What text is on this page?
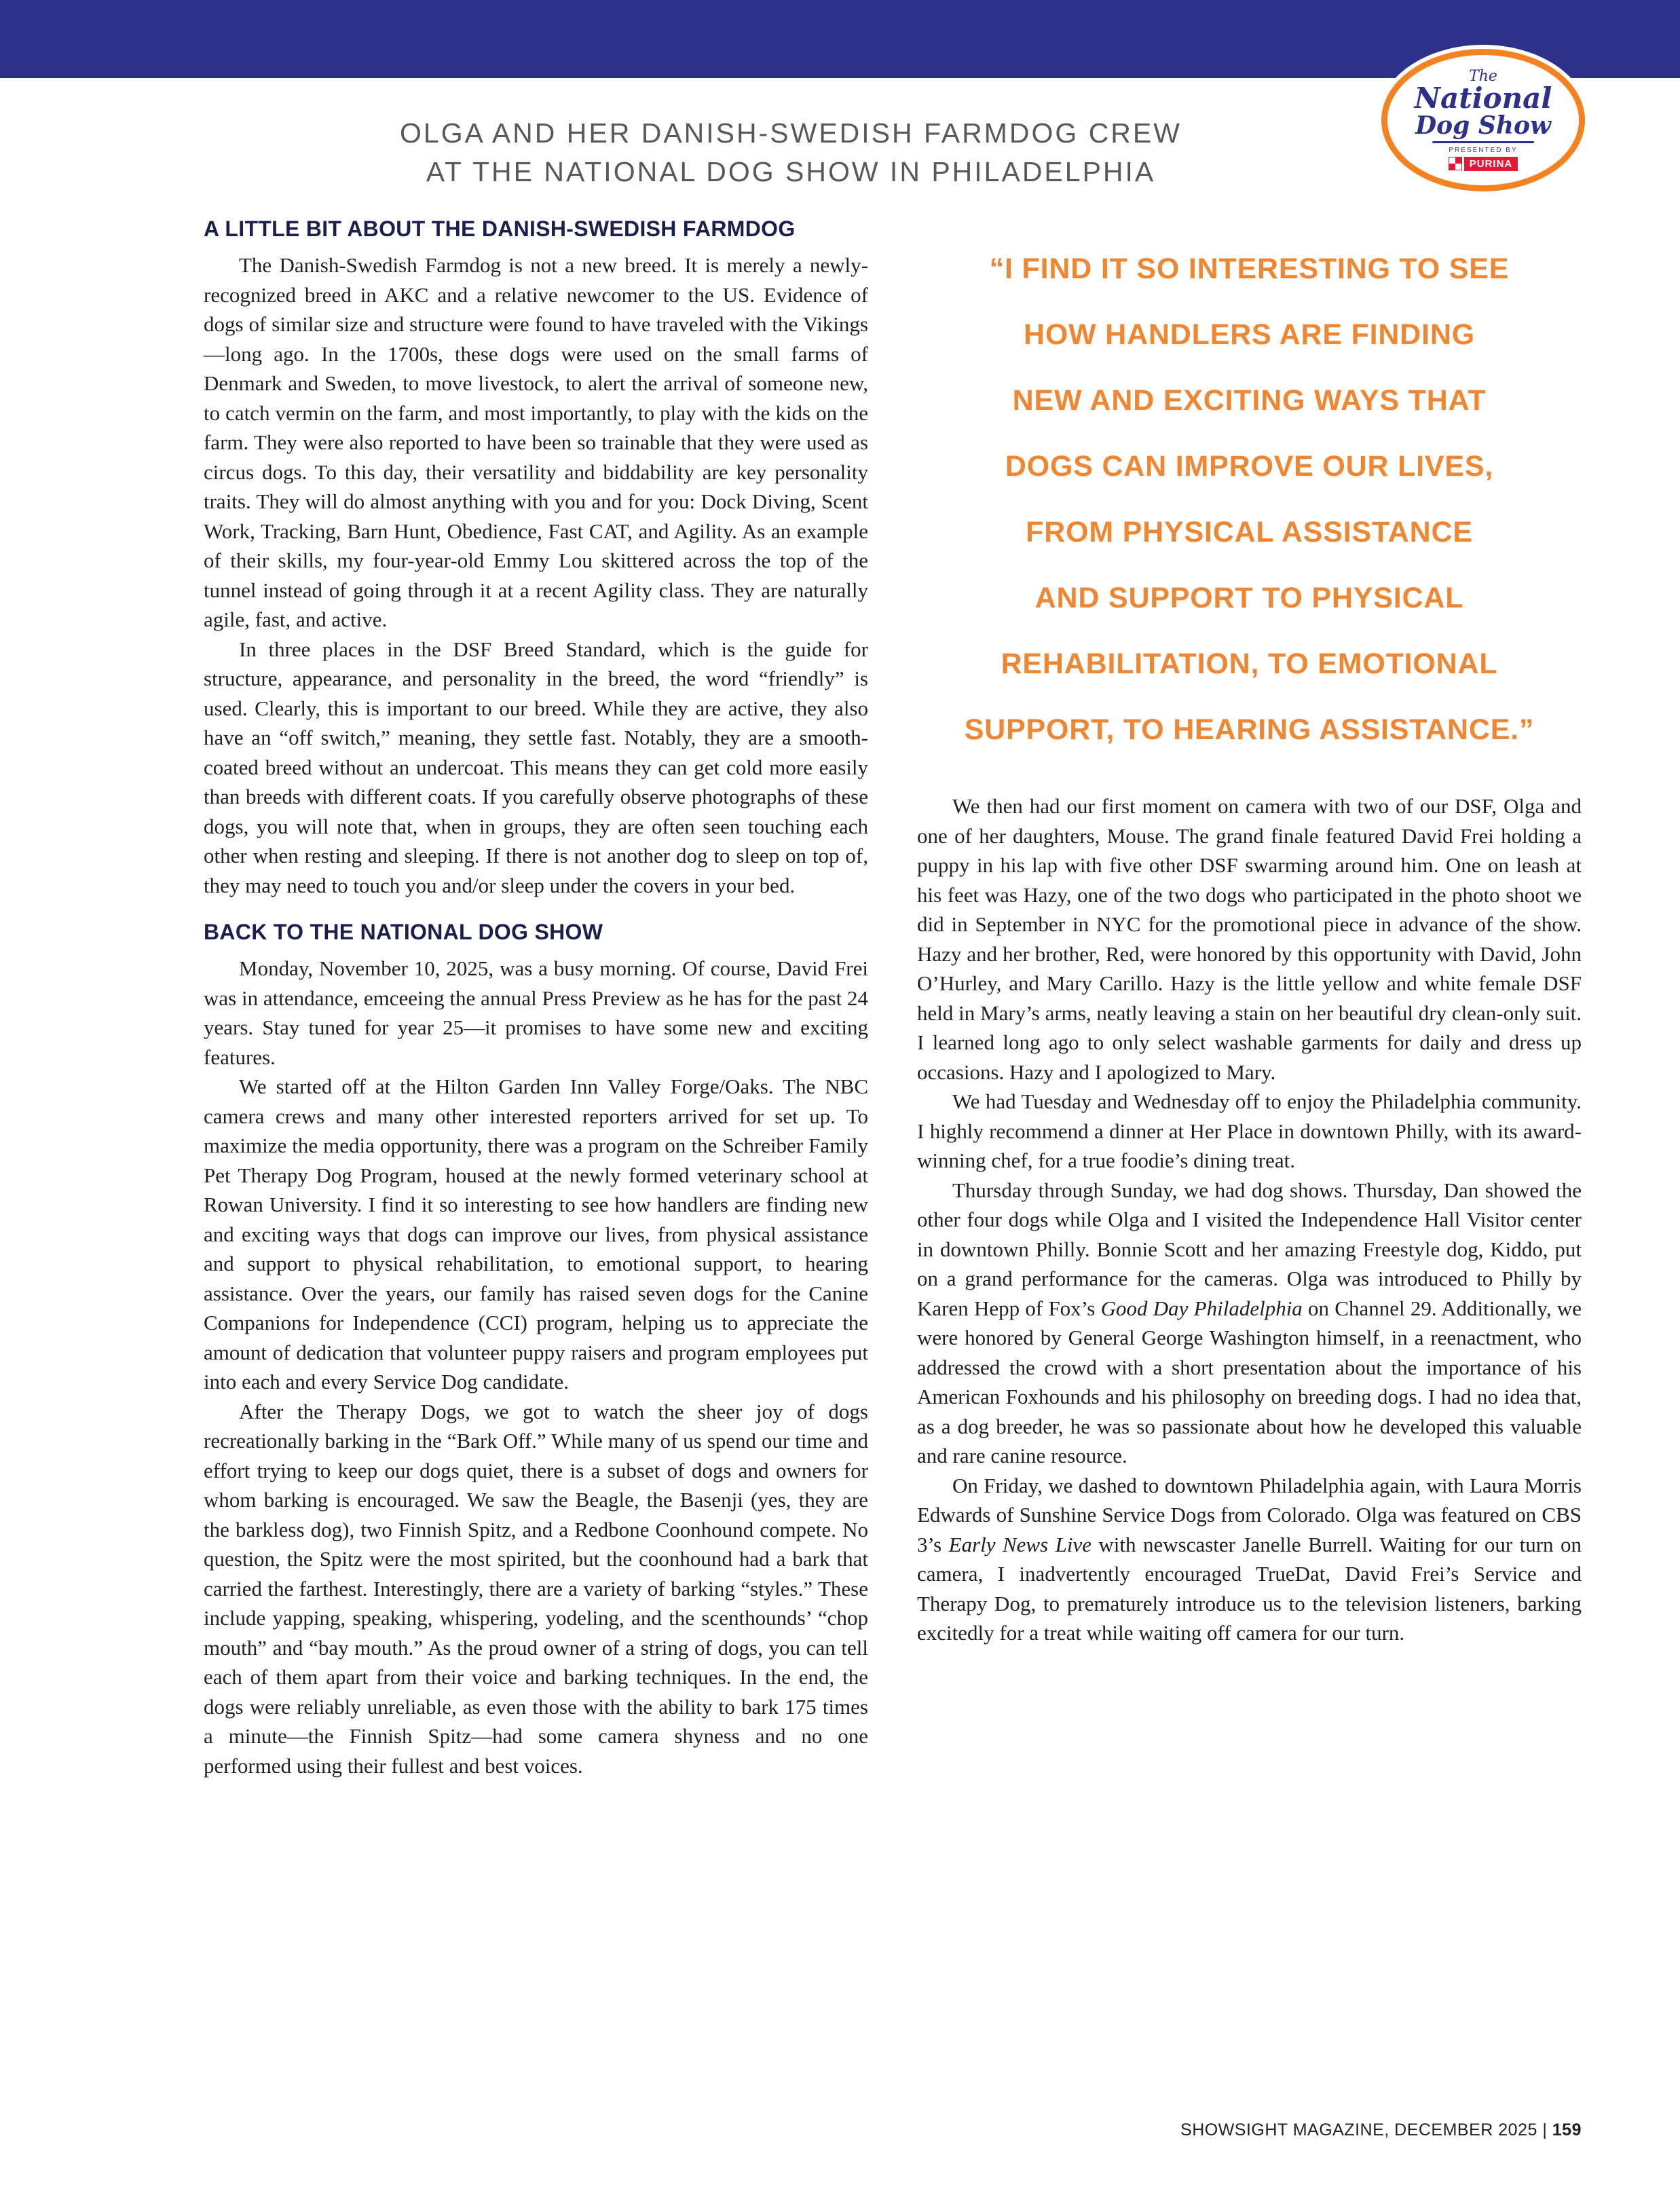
The
National
Dog Show
PRESENTED BY
PURINA
OLGA AND HER DANISH-SWEDISH FARMDOG CREW
AT THE NATIONAL DOG SHOW IN PHILADELPHIA
A LITTLE BIT ABOUT THE DANISH-SWEDISH FARMDOG

The Danish-Swedish Farmdog is not a new breed. It is merely a newly-recognized breed in AKC and a relative newcomer to the US. Evidence of dogs of similar size and structure were found to have traveled with the Vikings—long ago. In the 1700s, these dogs were used on the small farms of Denmark and Sweden, to move livestock, to alert the arrival of someone new, to catch vermin on the farm, and most importantly, to play with the kids on the farm. They were also reported to have been so trainable that they were used as circus dogs. To this day, their versatility and biddability are key personality traits. They will do almost anything with you and for you: Dock Diving, Scent Work, Tracking, Barn Hunt, Obedience, Fast CAT, and Agility. As an example of their skills, my four-year-old Emmy Lou skittered across the top of the tunnel instead of going through it at a recent Agility class. They are naturally agile, fast, and active.

In three places in the DSF Breed Standard, which is the guide for structure, appearance, and personality in the breed, the word “friendly” is used. Clearly, this is important to our breed. While they are active, they also have an “off switch,” meaning, they settle fast. Notably, they are a smooth-coated breed without an undercoat. This means they can get cold more easily than breeds with different coats. If you carefully observe photographs of these dogs, you will note that, when in groups, they are often seen touching each other when resting and sleeping. If there is not another dog to sleep on top of, they may need to touch you and/or sleep under the covers in your bed.

BACK TO THE NATIONAL DOG SHOW

Monday, November 10, 2025, was a busy morning. Of course, David Frei was in attendance, emceeing the annual Press Preview as he has for the past 24 years. Stay tuned for year 25—it promises to have some new and exciting features.

We started off at the Hilton Garden Inn Valley Forge/Oaks. The NBC camera crews and many other interested reporters arrived for set up. To maximize the media opportunity, there was a program on the Schreiber Family Pet Therapy Dog Program, housed at the newly formed veterinary school at Rowan University. I find it so interesting to see how handlers are finding new and exciting ways that dogs can improve our lives, from physical assistance and support to physical rehabilitation, to emotional support, to hearing assistance. Over the years, our family has raised seven dogs for the Canine Companions for Independence (CCI) program, helping us to appreciate the amount of dedication that volunteer puppy raisers and program employees put into each and every Service Dog candidate.

After the Therapy Dogs, we got to watch the sheer joy of dogs recreationally barking in the “Bark Off.” While many of us spend our time and effort trying to keep our dogs quiet, there is a subset of dogs and owners for whom barking is encouraged. We saw the Beagle, the Basenji (yes, they are the barkless dog), two Finnish Spitz, and a Redbone Coonhound compete. No question, the Spitz were the most spirited, but the coonhound had a bark that carried the farthest. Interestingly, there are a variety of barking “styles.” These include yapping, speaking, whispering, yodeling, and the scenthounds’ “chop mouth” and “bay mouth.” As the proud owner of a string of dogs, you can tell each of them apart from their voice and barking techniques. In the end, the dogs were reliably unreliable, as even those with the ability to bark 175 times a minute—the Finnish Spitz—had some camera shyness and no one performed using their fullest and best voices.

“I FIND IT SO INTERESTING TO SEE
HOW HANDLERS ARE FINDING
NEW AND EXCITING WAYS THAT
DOGS CAN IMPROVE OUR LIVES,
FROM PHYSICAL ASSISTANCE
AND SUPPORT TO PHYSICAL
REHABILITATION, TO EMOTIONAL
SUPPORT, TO HEARING ASSISTANCE.”

We then had our first moment on camera with two of our DSF, Olga and one of her daughters, Mouse. The grand finale featured David Frei holding a puppy in his lap with five other DSF swarming around him. One on leash at his feet was Hazy, one of the two dogs who participated in the photo shoot we did in September in NYC for the promotional piece in advance of the show. Hazy and her brother, Red, were honored by this opportunity with David, John O’Hurley, and Mary Carillo. Hazy is the little yellow and white female DSF held in Mary’s arms, neatly leaving a stain on her beautiful dry clean-only suit. I learned long ago to only select washable garments for daily and dress up occasions. Hazy and I apologized to Mary.

We had Tuesday and Wednesday off to enjoy the Philadelphia community. I highly recommend a dinner at Her Place in downtown Philly, with its award-winning chef, for a true foodie’s dining treat.

Thursday through Sunday, we had dog shows. Thursday, Dan showed the other four dogs while Olga and I visited the Independence Hall Visitor center in downtown Philly. Bonnie Scott and her amazing Freestyle dog, Kiddo, put on a grand performance for the cameras. Olga was introduced to Philly by Karen Hepp of Fox’s Good Day Philadelphia on Channel 29. Additionally, we were honored by General George Washington himself, in a reenactment, who addressed the crowd with a short presentation about the importance of his American Foxhounds and his philosophy on breeding dogs. I had no idea that, as a dog breeder, he was so passionate about how he developed this valuable and rare canine resource.

On Friday, we dashed to downtown Philadelphia again, with Laura Morris Edwards of Sunshine Service Dogs from Colorado. Olga was featured on CBS 3’s Early News Live with newscaster Janelle Burrell. Waiting for our turn on camera, I inadvertently encouraged TrueDat, David Frei’s Service and Therapy Dog, to prematurely introduce us to the television listeners, barking excitedly for a treat while waiting off camera for our turn.

SHOWSIGHT MAGAZINE, DECEMBER 2025 | 159
